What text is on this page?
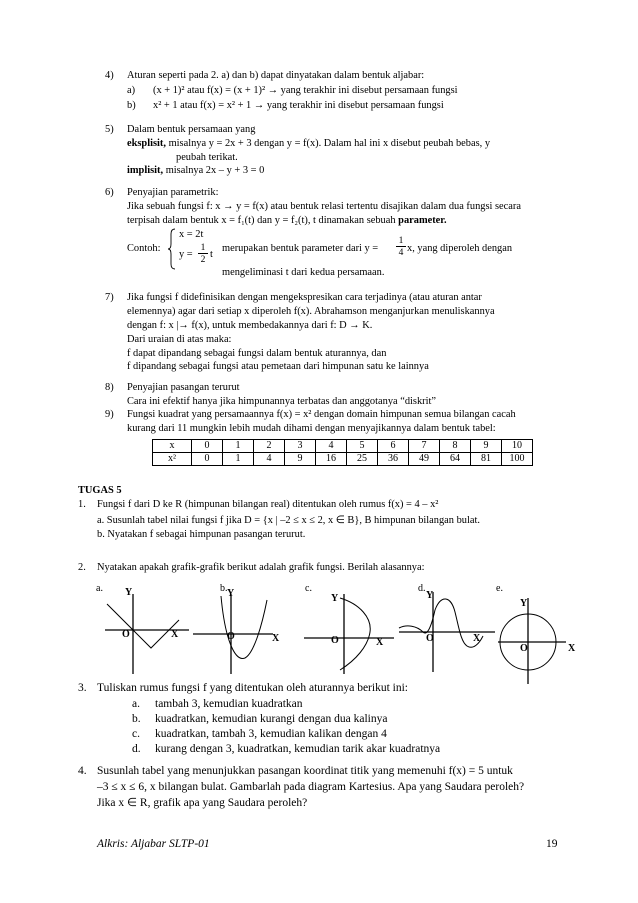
4) Aturan seperti pada 2. a) dan b) dapat dinyatakan dalam bentuk aljabar:
a) (x + 1)² atau f(x) = (x + 1)² → yang terakhir ini disebut persamaan fungsi
b) x² + 1 atau f(x) = x² + 1 → yang terakhir ini disebut persamaan fungsi
5) Dalam bentuk persamaan yang
eksplisit, misalnya y = 2x + 3 dengan y = f(x). Dalam hal ini x disebut peubah bebas, y
peubah terikat.
implisit, misalnya 2x – y + 3 = 0
6) Penyajian parametrik:
Jika sebuah fungsi f: x → y = f(x) atau bentuk relasi tertentu disajikan dalam dua fungsi secara
terpisah dalam bentuk x = f₁(t) dan y = f₂(t), t dinamakan sebuah parameter.
Contoh:
x = 2t
y =
1
2 t
merupakan bentuk parameter dari y =
1
4 x, yang diperoleh dengan
mengeliminasi t dari kedua persamaan.
7) Jika fungsi f didefinisikan dengan mengekspresikan cara terjadinya (atau aturan antar
elemennya) agar dari setiap x diperoleh f(x). Abrahamson menganjurkan menuliskannya
dengan f: x |→ f(x), untuk membedakannya dari f: D → K.
Dari uraian di atas maka:
f dapat dipandang sebagai fungsi dalam bentuk aturannya, dan
f dipandang sebagai fungsi atau pemetaan dari himpunan satu ke lainnya
8) Penyajian pasangan terurut
Cara ini efektif hanya jika himpunannya terbatas dan anggotanya “diskrit”
9) Fungsi kuadrat yang persamaannya f(x) = x² dengan domain himpunan semua bilangan cacah
kurang dari 11 mungkin lebih mudah dihami dengan menyajikannya dalam bentuk tabel:
x	0	1	2	3	4	5	6	7	8	9	10
x²	0	1	4	9	16	25	36	49	64	81	100
TUGAS 5
1. Fungsi f dari D ke R (himpunan bilangan real) ditentukan oleh rumus f(x) = 4 – x²
a. Susunlah tabel nilai fungsi f jika D = {x | –2 ≤ x ≤ 2, x ∈ B}, B himpunan bilangan bulat.
b. Nyatakan f sebagai himpunan pasangan terurut.
2. Nyatakan apakah grafik-grafik berikut adalah grafik fungsi. Berilah alasannya:
a.	b.	c.	d.	e.
Y
X
O
Y
X
O
Y
X
O
Y
X
O
Y
X
O
3. Tuliskan rumus fungsi f yang ditentukan oleh aturannya berikut ini:
a. tambah 3, kemudian kuadratkan
b. kuadratkan, kemudian kurangi dengan dua kalinya
c. kuadratkan, tambah 3, kemudian kalikan dengan 4
d. kurang dengan 3, kuadratkan, kemudian tarik akar kuadratnya
4. Susunlah tabel yang menunjukkan pasangan koordinat titik yang memenuhi f(x) = 5 untuk
–3 ≤ x ≤ 6, x bilangan bulat. Gambarlah pada diagram Kartesius. Apa yang Saudara peroleh?
Jika x ∈ R, grafik apa yang Saudara peroleh?
Alkris: Aljabar SLTP-01	19
